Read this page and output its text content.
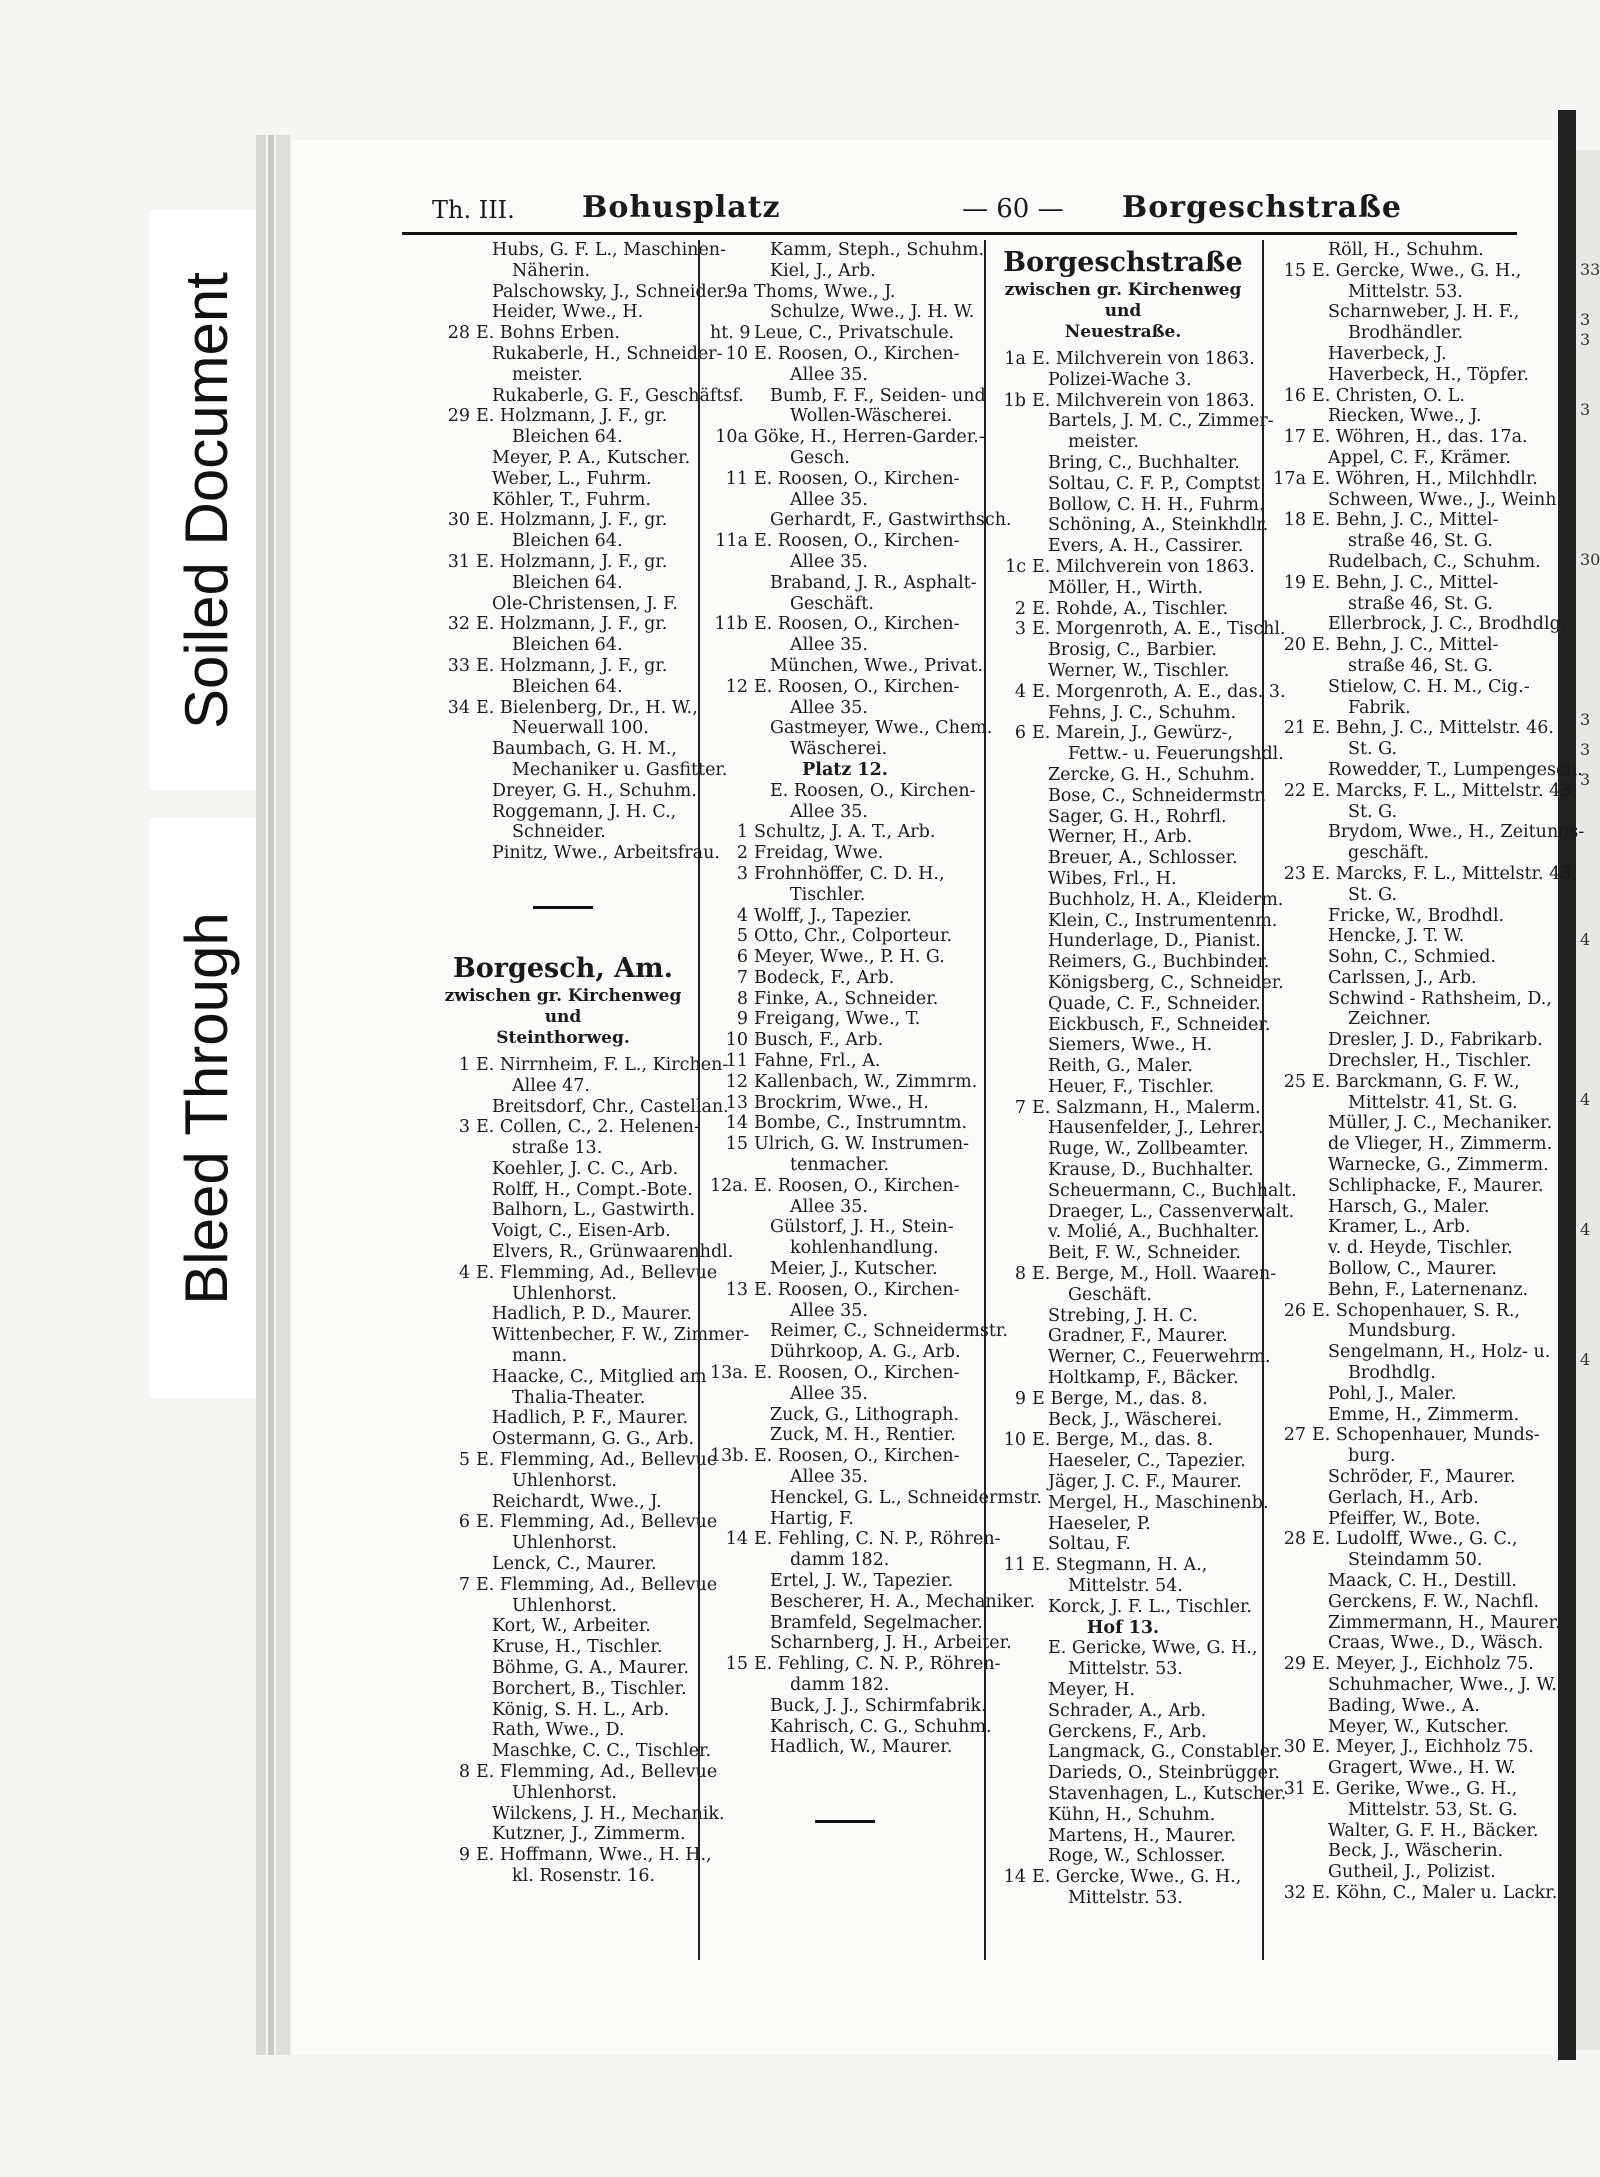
Soiled Document
Bleed Through
33
3
3
3
30
3
3
3
4
4
4
4
Th. III. Bohusplatz	— 60 — Borgeschstraße
Hubs, G. F. L., Maschinen-
Näherin.
Palschowsky, J., Schneider.
Heider, Wwe., H.
28 E. Bohns Erben.
Rukaberle, H., Schneider-
meister.
Rukaberle, G. F., Geschäftsf.
29 E. Holzmann, J. F., gr.
Bleichen 64.
Meyer, P. A., Kutscher.
Weber, L., Fuhrm.
Köhler, T., Fuhrm.
30 E. Holzmann, J. F., gr.
Bleichen 64.
31 E. Holzmann, J. F., gr.
Bleichen 64.
Ole-Christensen, J. F.
32 E. Holzmann, J. F., gr.
Bleichen 64.
33 E. Holzmann, J. F., gr.
Bleichen 64.
34 E. Bielenberg, Dr., H. W.,
Neuerwall 100.
Baumbach, G. H. M.,
Mechaniker u. Gasfitter.
Dreyer, G. H., Schuhm.
Roggemann, J. H. C.,
Schneider.
Pinitz, Wwe., Arbeitsfrau.
Borgesch, Am.
zwischen gr. Kirchenweg und
Steinthorweg.
1 E. Nirrnheim, F. L., Kirchen-
Allee 47.
Breitsdorf, Chr., Castellan.
3 E. Collen, C., 2. Helenen-
straße 13.
Koehler, J. C. C., Arb.
Rolff, H., Compt.-Bote.
Balhorn, L., Gastwirth.
Voigt, C., Eisen-Arb.
Elvers, R., Grünwaarenhdl.
4 E. Flemming, Ad., Bellevue
Uhlenhorst.
Hadlich, P. D., Maurer.
Wittenbecher, F. W., Zimmer-
mann.
Haacke, C., Mitglied am
Thalia-Theater.
Hadlich, P. F., Maurer.
Ostermann, G. G., Arb.
5 E. Flemming, Ad., Bellevue
Uhlenhorst.
Reichardt, Wwe., J.
6 E. Flemming, Ad., Bellevue
Uhlenhorst.
Lenck, C., Maurer.
7 E. Flemming, Ad., Bellevue
Uhlenhorst.
Kort, W., Arbeiter.
Kruse, H., Tischler.
Böhme, G. A., Maurer.
Borchert, B., Tischler.
König, S. H. L., Arb.
Rath, Wwe., D.
Maschke, C. C., Tischler.
8 E. Flemming, Ad., Bellevue
Uhlenhorst.
Wilckens, J. H., Mechanik.
Kutzner, J., Zimmerm.
9 E. Hoffmann, Wwe., H. H.,
kl. Rosenstr. 16.
Kamm, Steph., Schuhm.
Kiel, J., Arb.
9a Thoms, Wwe., J.
Schulze, Wwe., J. H. W.
ht. 9 Leue, C., Privatschule.
10 E. Roosen, O., Kirchen-
Allee 35.
Bumb, F. F., Seiden- und
Wollen-Wäscherei.
10a Göke, H., Herren-Garder.-
Gesch.
11 E. Roosen, O., Kirchen-
Allee 35.
Gerhardt, F., Gastwirthsch.
11a E. Roosen, O., Kirchen-
Allee 35.
Braband, J. R., Asphalt-
Geschäft.
11b E. Roosen, O., Kirchen-
Allee 35.
München, Wwe., Privat.
12 E. Roosen, O., Kirchen-
Allee 35.
Gastmeyer, Wwe., Chem.
Wäscherei.
Platz 12.
E. Roosen, O., Kirchen-
Allee 35.
1 Schultz, J. A. T., Arb.
2 Freidag, Wwe.
3 Frohnhöffer, C. D. H.,
Tischler.
4 Wolff, J., Tapezier.
5 Otto, Chr., Colporteur.
6 Meyer, Wwe., P. H. G.
7 Bodeck, F., Arb.
8 Finke, A., Schneider.
9 Freigang, Wwe., T.
10 Busch, F., Arb.
11 Fahne, Frl., A.
12 Kallenbach, W., Zimmrm.
13 Brockrim, Wwe., H.
14 Bombe, C., Instrumntm.
15 Ulrich, G. W. Instrumen-
tenmacher.
12a. E. Roosen, O., Kirchen-
Allee 35.
Gülstorf, J. H., Stein-
kohlenhandlung.
Meier, J., Kutscher.
13 E. Roosen, O., Kirchen-
Allee 35.
Reimer, C., Schneidermstr.
Dührkoop, A. G., Arb.
13a. E. Roosen, O., Kirchen-
Allee 35.
Zuck, G., Lithograph.
Zuck, M. H., Rentier.
13b. E. Roosen, O., Kirchen-
Allee 35.
Henckel, G. L., Schneidermstr.
Hartig, F.
14 E. Fehling, C. N. P., Röhren-
damm 182.
Ertel, J. W., Tapezier.
Bescherer, H. A., Mechaniker.
Bramfeld, Segelmacher.
Scharnberg, J. H., Arbeiter.
15 E. Fehling, C. N. P., Röhren-
damm 182.
Buck, J. J., Schirmfabrik.
Kahrisch, C. G., Schuhm.
Hadlich, W., Maurer.
Borgeschstraße
zwischen gr. Kirchenweg und
Neuestraße.
1a E. Milchverein von 1863.
Polizei-Wache 3.
1b E. Milchverein von 1863.
Bartels, J. M. C., Zimmer-
meister.
Bring, C., Buchhalter.
Soltau, C. F. P., Comptst.
Bollow, C. H. H., Fuhrm.
Schöning, A., Steinkhdlr.
Evers, A. H., Cassirer.
1c E. Milchverein von 1863.
Möller, H., Wirth.
2 E. Rohde, A., Tischler.
3 E. Morgenroth, A. E., Tischl.
Brosig, C., Barbier.
Werner, W., Tischler.
4 E. Morgenroth, A. E., das. 3.
Fehns, J. C., Schuhm.
6 E. Marein, J., Gewürz-,
Fettw.- u. Feuerungshdl.
Zercke, G. H., Schuhm.
Bose, C., Schneidermstr.
Sager, G. H., Rohrfl.
Werner, H., Arb.
Breuer, A., Schlosser.
Wibes, Frl., H.
Buchholz, H. A., Kleiderm.
Klein, C., Instrumentenm.
Hunderlage, D., Pianist.
Reimers, G., Buchbinder.
Königsberg, C., Schneider.
Quade, C. F., Schneider.
Eickbusch, F., Schneider.
Siemers, Wwe., H.
Reith, G., Maler.
Heuer, F., Tischler.
7 E. Salzmann, H., Malerm.
Hausenfelder, J., Lehrer.
Ruge, W., Zollbeamter.
Krause, D., Buchhalter.
Scheuermann, C., Buchhalt.
Draeger, L., Cassenverwalt.
v. Molié, A., Buchhalter.
Beit, F. W., Schneider.
8 E. Berge, M., Holl. Waaren-
Geschäft.
Strebing, J. H. C.
Gradner, F., Maurer.
Werner, C., Feuerwehrm.
Holtkamp, F., Bäcker.
9 E Berge, M., das. 8.
Beck, J., Wäscherei.
10 E. Berge, M., das. 8.
Haeseler, C., Tapezier.
Jäger, J. C. F., Maurer.
Mergel, H., Maschinenb.
Haeseler, P.
Soltau, F.
11 E. Stegmann, H. A.,
Mittelstr. 54.
Korck, J. F. L., Tischler.
Hof 13.
E. Gericke, Wwe, G. H.,
Mittelstr. 53.
Meyer, H.
Schrader, A., Arb.
Gerckens, F., Arb.
Langmack, G., Constabler.
Darieds, O., Steinbrügger.
Stavenhagen, L., Kutscher.
Kühn, H., Schuhm.
Martens, H., Maurer.
Roge, W., Schlosser.
14 E. Gercke, Wwe., G. H.,
Mittelstr. 53.
Röll, H., Schuhm.
15 E. Gercke, Wwe., G. H.,
Mittelstr. 53.
Scharnweber, J. H. F.,
Brodhändler.
Haverbeck, J.
Haverbeck, H., Töpfer.
16 E. Christen, O. L.
Riecken, Wwe., J.
17 E. Wöhren, H., das. 17a.
Appel, C. F., Krämer.
17a E. Wöhren, H., Milchhdlr.
Schween, Wwe., J., Weinh.
18 E. Behn, J. C., Mittel-
straße 46, St. G.
Rudelbach, C., Schuhm.
19 E. Behn, J. C., Mittel-
straße 46, St. G.
Ellerbrock, J. C., Brodhdlg.
20 E. Behn, J. C., Mittel-
straße 46, St. G.
Stielow, C. H. M., Cig.-
Fabrik.
21 E. Behn, J. C., Mittelstr. 46.
St. G.
Rowedder, T., Lumpengesch.
22 E. Marcks, F. L., Mittelstr. 43.
St. G.
Brydom, Wwe., H., Zeitungs-
geschäft.
23 E. Marcks, F. L., Mittelstr. 43.
St. G.
Fricke, W., Brodhdl.
Hencke, J. T. W.
Sohn, C., Schmied.
Carlssen, J., Arb.
Schwind - Rathsheim, D.,
Zeichner.
Dresler, J. D., Fabrikarb.
Drechsler, H., Tischler.
25 E. Barckmann, G. F. W.,
Mittelstr. 41, St. G.
Müller, J. C., Mechaniker.
de Vlieger, H., Zimmerm.
Warnecke, G., Zimmerm.
Schliphacke, F., Maurer.
Harsch, G., Maler.
Kramer, L., Arb.
v. d. Heyde, Tischler.
Bollow, C., Maurer.
Behn, F., Laternenanz.
26 E. Schopenhauer, S. R.,
Mundsburg.
Sengelmann, H., Holz- u.
Brodhdlg.
Pohl, J., Maler.
Emme, H., Zimmerm.
27 E. Schopenhauer, Munds-
burg.
Schröder, F., Maurer.
Gerlach, H., Arb.
Pfeiffer, W., Bote.
28 E. Ludolff, Wwe., G. C.,
Steindamm 50.
Maack, C. H., Destill.
Gerckens, F. W., Nachfl.
Zimmermann, H., Maurer.
Craas, Wwe., D., Wäsch.
29 E. Meyer, J., Eichholz 75.
Schuhmacher, Wwe., J. W.
Bading, Wwe., A.
Meyer, W., Kutscher.
30 E. Meyer, J., Eichholz 75.
Gragert, Wwe., H. W.
31 E. Gerike, Wwe., G. H.,
Mittelstr. 53, St. G.
Walter, G. F. H., Bäcker.
Beck, J., Wäscherin.
Gutheil, J., Polizist.
32 E. Köhn, C., Maler u. Lackr.
